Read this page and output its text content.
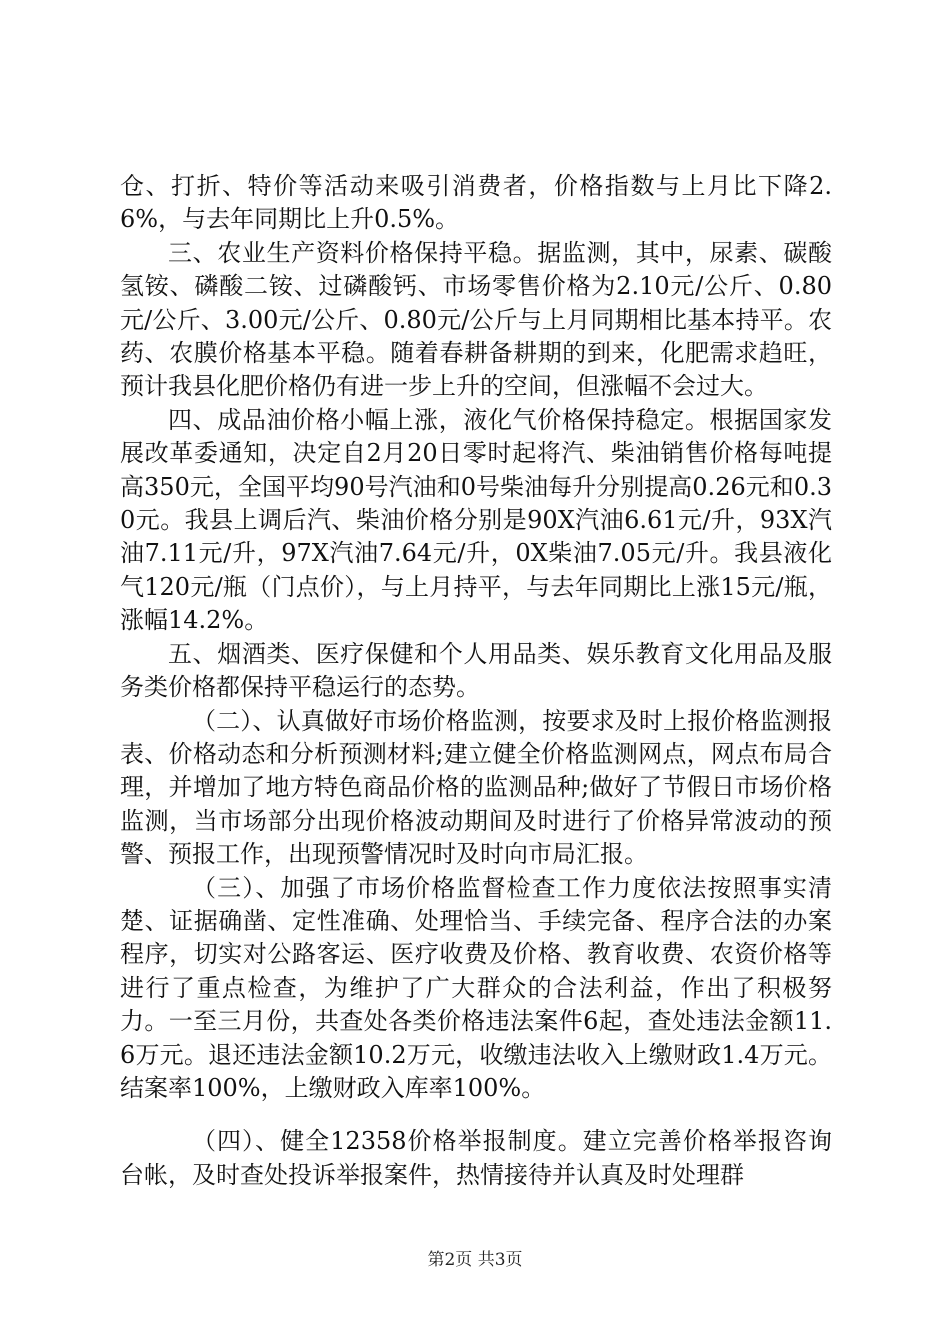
仓、打折、特价等活动来吸引消费者，价格指数与上月比下降2.6%，与去年同期比上升0.5%。

三、农业生产资料价格保持平稳。据监测，其中，尿素、碳酸氢铵、磷酸二铵、过磷酸钙、市场零售价格为2.10元/公斤、0.80元/公斤、3.00元/公斤、0.80元/公斤与上月同期相比基本持平。农药、农膜价格基本平稳。随着春耕备耕期的到来，化肥需求趋旺，预计我县化肥价格仍有进一步上升的空间，但涨幅不会过大。

四、成品油价格小幅上涨，液化气价格保持稳定。根据国家发展改革委通知，决定自2月20日零时起将汽、柴油销售价格每吨提高350元，全国平均90号汽油和0号柴油每升分别提高0.26元和0.30元。我县上调后汽、柴油价格分别是90X汽油6.61元/升，93X汽油7.11元/升，97X汽油7.64元/升，0X柴油7.05元/升。我县液化气120元/瓶（门点价），与上月持平，与去年同期比上涨15元/瓶，涨幅14.2%。

五、烟酒类、医疗保健和个人用品类、娱乐教育文化用品及服务类价格都保持平稳运行的态势。

（二）、认真做好市场价格监测，按要求及时上报价格监测报表、价格动态和分析预测材料;建立健全价格监测网点，网点布局合理，并增加了地方特色商品价格的监测品种;做好了节假日市场价格监测，当市场部分出现价格波动期间及时进行了价格异常波动的预警、预报工作，出现预警情况时及时向市局汇报。

（三）、加强了市场价格监督检查工作力度依法按照事实清楚、证据确凿、定性准确、处理恰当、手续完备、程序合法的办案程序，切实对公路客运、医疗收费及价格、教育收费、农资价格等进行了重点检查，为维护了广大群众的合法利益，作出了积极努力。一至三月份，共查处各类价格违法案件6起，查处违法金额11.6万元。退还违法金额10.2万元，收缴违法收入上缴财政1.4万元。结案率100%，上缴财政入库率100%。

（四）、健全12358价格举报制度。建立完善价格举报咨询台帐，及时查处投诉举报案件，热情接待并认真及时处理群

第2页 共3页
